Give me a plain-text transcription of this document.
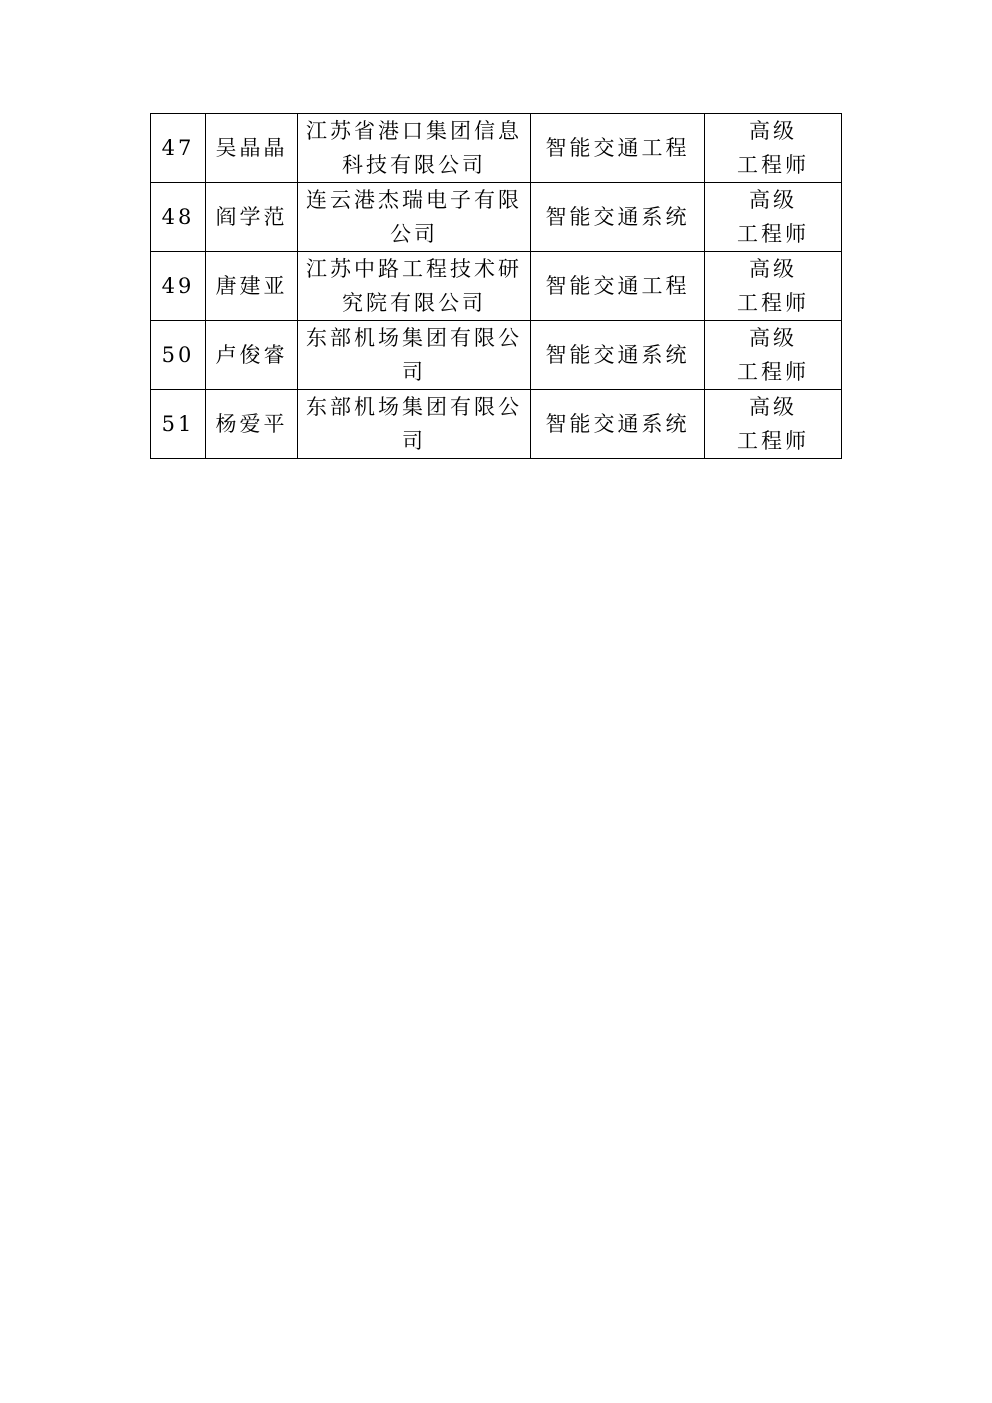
47	吴晶晶	江苏省港口集团信息科技有限公司	智能交通工程	高级
工程师

48	阎学范	连云港杰瑞电子有限公司	智能交通系统	高级
工程师

49	唐建亚	江苏中路工程技术研究院有限公司	智能交通工程	高级
工程师

50	卢俊睿	东部机场集团有限公司	智能交通系统	高级
工程师

51	杨爱平	东部机场集团有限公司	智能交通系统	高级
工程师
